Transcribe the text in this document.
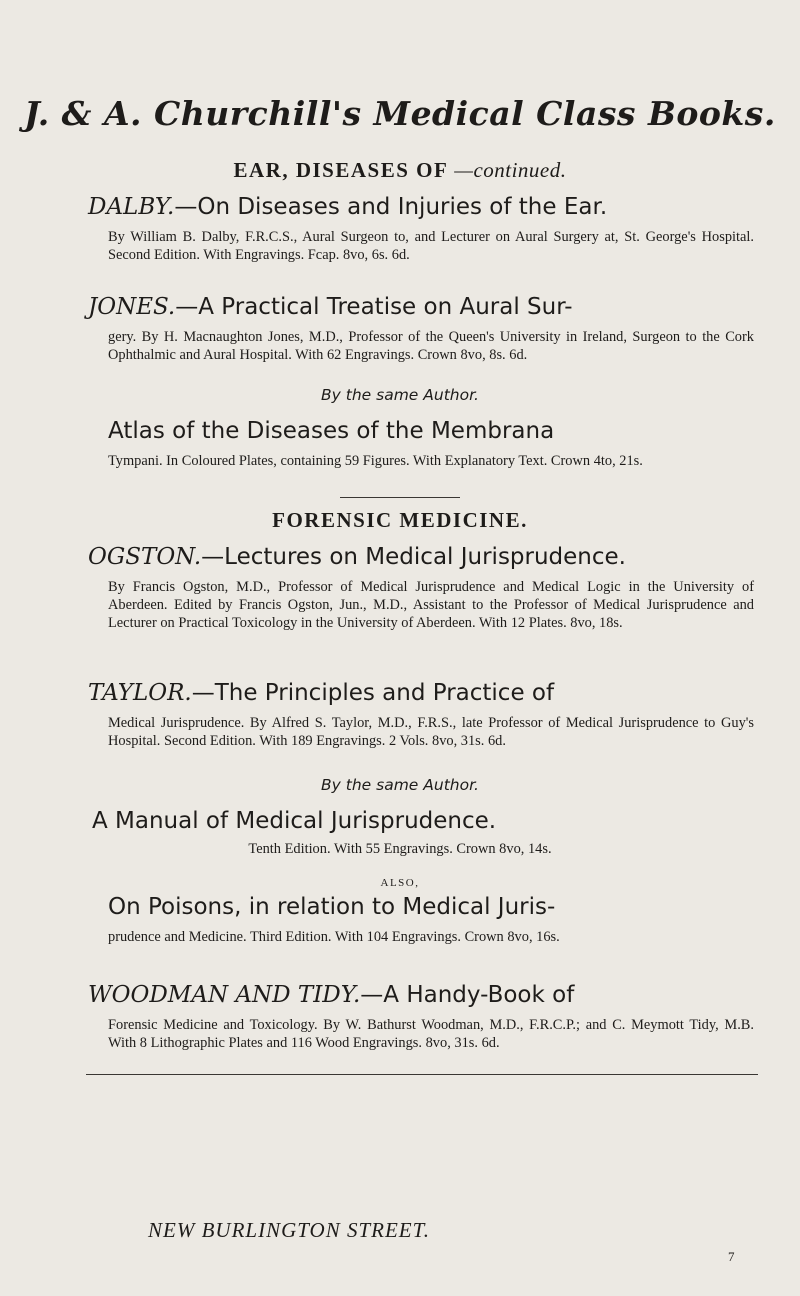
J. & A. Churchill's Medical Class Books.
EAR, DISEASES OF —continued.
DALBY.—On Diseases and Injuries of the Ear.
By William B. Dalby, F.R.C.S., Aural Surgeon to, and Lecturer on Aural Surgery at, St. George's Hospital. Second Edition. With Engravings. Fcap. 8vo, 6s. 6d.
JONES.—A Practical Treatise on Aural Sur-
gery. By H. Macnaughton Jones, M.D., Professor of the Queen's University in Ireland, Surgeon to the Cork Ophthalmic and Aural Hospital. With 62 Engravings. Crown 8vo, 8s. 6d.
By the same Author.
Atlas of the Diseases of the Membrana
Tympani. In Coloured Plates, containing 59 Figures. With Explanatory Text. Crown 4to, 21s.
FORENSIC MEDICINE.
OGSTON.—Lectures on Medical Jurisprudence.
By Francis Ogston, M.D., Professor of Medical Jurisprudence and Medical Logic in the University of Aberdeen. Edited by Francis Ogston, Jun., M.D., Assistant to the Professor of Medical Jurisprudence and Lecturer on Practical Toxicology in the University of Aberdeen. With 12 Plates. 8vo, 18s.
TAYLOR.—The Principles and Practice of
Medical Jurisprudence. By Alfred S. Taylor, M.D., F.R.S., late Professor of Medical Jurisprudence to Guy's Hospital. Second Edition. With 189 Engravings. 2 Vols. 8vo, 31s. 6d.
By the same Author.
A Manual of Medical Jurisprudence.
Tenth Edition. With 55 Engravings. Crown 8vo, 14s.
ALSO,
On Poisons, in relation to Medical Juris-
prudence and Medicine. Third Edition. With 104 Engravings. Crown 8vo, 16s.
WOODMAN AND TIDY.—A Handy-Book of
Forensic Medicine and Toxicology. By W. Bathurst Woodman, M.D., F.R.C.P.; and C. Meymott Tidy, M.B. With 8 Lithographic Plates and 116 Wood Engravings. 8vo, 31s. 6d.
NEW BURLINGTON STREET.
7
